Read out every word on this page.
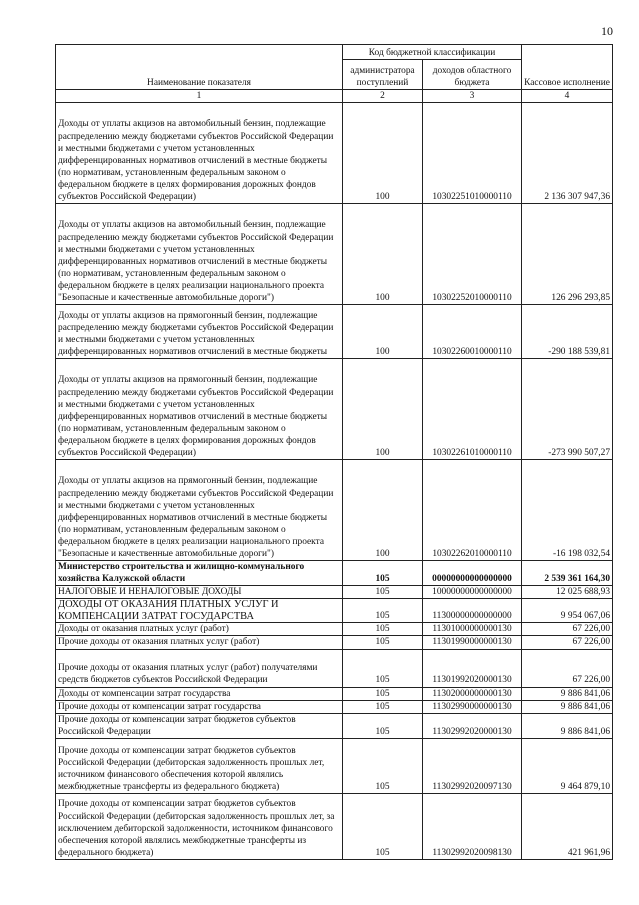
10
Наименование показателя	Код бюджетной классификации		Кассовое исполнение
	администратора поступлений	доходов областного бюджета	
1	2	3	4
Доходы от уплаты акцизов на автомобильный бензин, подлежащие распределению между бюджетами субъектов Российской Федерации и местными бюджетами с учетом установленных дифференцированных нормативов отчислений в местные бюджеты (по нормативам, установленным федеральным законом о федеральном бюджете в целях формирования дорожных фондов субъектов Российской Федерации)	100	10302251010000110	2 136 307 947,36
Доходы от уплаты акцизов на автомобильный бензин, подлежащие распределению между бюджетами субъектов Российской Федерации и местными бюджетами с учетом установленных дифференцированных нормативов отчислений в местные бюджеты (по нормативам, установленным федеральным законом о федеральном бюджете в целях реализации национального проекта "Безопасные и качественные автомобильные дороги")	100	10302252010000110	126 296 293,85
Доходы от уплаты акцизов на прямогонный бензин, подлежащие распределению между бюджетами субъектов Российской Федерации и местными бюджетами с учетом установленных дифференцированных нормативов отчислений в местные бюджеты	100	10302260010000110	-290 188 539,81
Доходы от уплаты акцизов на прямогонный бензин, подлежащие распределению между бюджетами субъектов Российской Федерации и местными бюджетами с учетом установленных дифференцированных нормативов отчислений в местные бюджеты (по нормативам, установленным федеральным законом о федеральном бюджете в целях формирования дорожных фондов субъектов Российской Федерации)	100	10302261010000110	-273 990 507,27
Доходы от уплаты акцизов на прямогонный бензин, подлежащие распределению между бюджетами субъектов Российской Федерации и местными бюджетами с учетом установленных дифференцированных нормативов отчислений в местные бюджеты (по нормативам, установленным федеральным законом о федеральном бюджете в целях реализации национального проекта "Безопасные и качественные автомобильные дороги")	100	10302262010000110	-16 198 032,54
Министерство строительства и жилищно-коммунального хозяйства Калужской области	105	00000000000000000	2 539 361 164,30
НАЛОГОВЫЕ И НЕНАЛОГОВЫЕ ДОХОДЫ	105	10000000000000000	12 025 688,93
ДОХОДЫ ОТ ОКАЗАНИЯ ПЛАТНЫХ УСЛУГ И КОМПЕНСАЦИИ ЗАТРАТ ГОСУДАРСТВА	105	11300000000000000	9 954 067,06
Доходы от оказания платных услуг (работ)	105	11301000000000130	67 226,00
Прочие доходы от оказания платных услуг (работ)	105	11301990000000130	67 226,00
Прочие доходы от оказания платных услуг (работ) получателями средств бюджетов субъектов Российской Федерации	105	11301992020000130	67 226,00
Доходы от компенсации затрат государства	105	11302000000000130	9 886 841,06
Прочие доходы от компенсации затрат государства	105	11302990000000130	9 886 841,06
Прочие доходы от компенсации затрат бюджетов субъектов Российской Федерации	105	11302992020000130	9 886 841,06
Прочие доходы от компенсации затрат бюджетов субъектов Российской Федерации (дебиторская задолженность прошлых лет, источником финансового обеспечения которой являлись межбюджетные трансферты из федерального бюджета)	105	11302992020097130	9 464 879,10
Прочие доходы от компенсации затрат бюджетов субъектов Российской Федерации (дебиторская задолженность прошлых лет, за исключением дебиторской задолженности, источником финансового обеспечения которой являлись межбюджетные трансферты из федерального бюджета)	105	11302992020098130	421 961,96
